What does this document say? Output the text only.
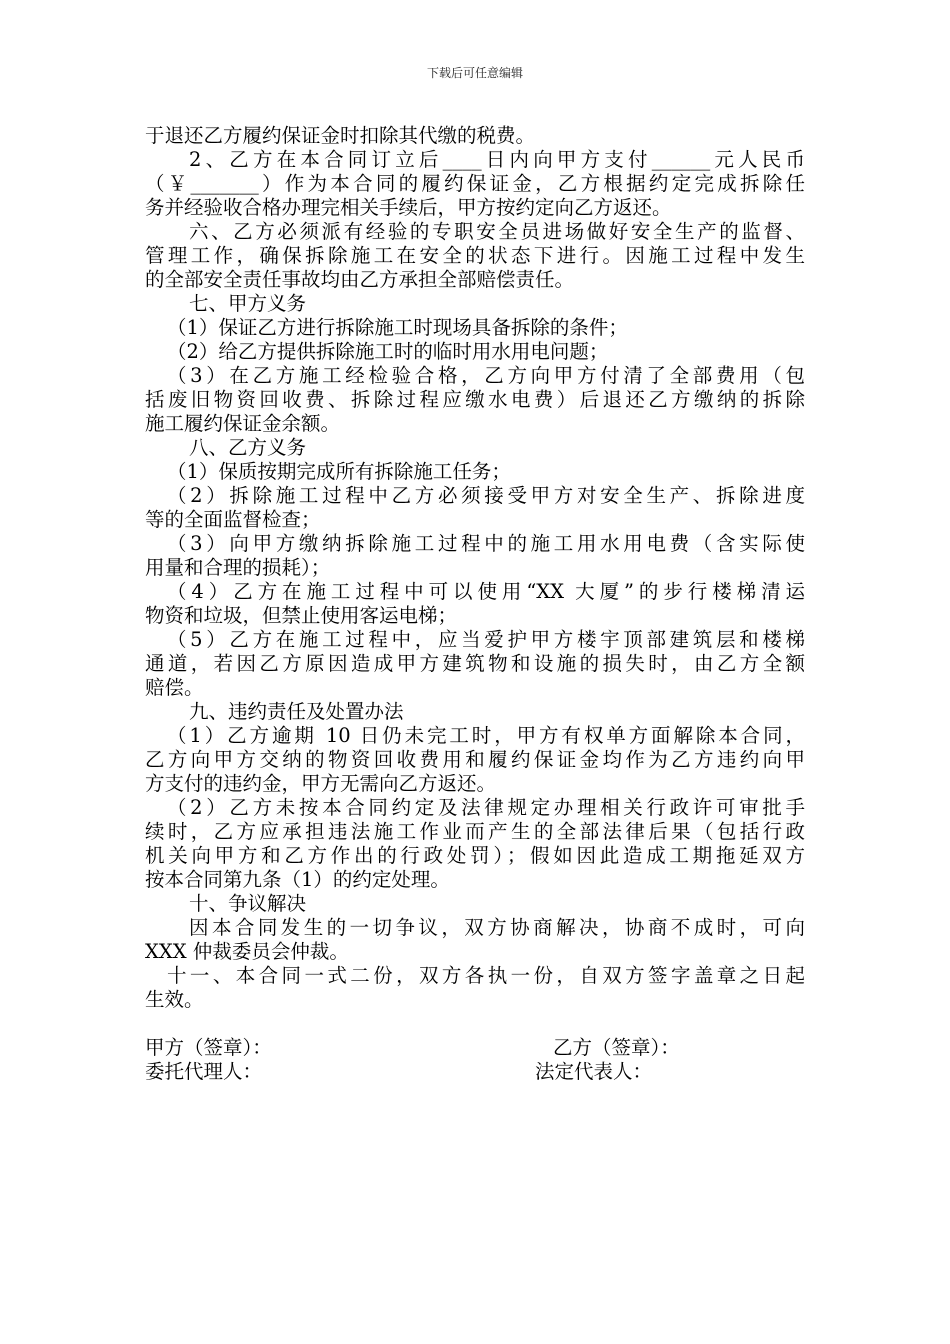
下载后可任意编辑
于退还乙方履约保证金时扣除其代缴的税费。
2、乙方在本合同订立后____日内向甲方支付______元人民币
（￥_______）作为本合同的履约保证金，乙方根据约定完成拆除任
务并经验收合格办理完相关手续后，甲方按约定向乙方返还。
六、乙方必须派有经验的专职安全员进场做好安全生产的监督、
管理工作，确保拆除施工在安全的状态下进行。因施工过程中发生
的全部安全责任事故均由乙方承担全部赔偿责任。
七、甲方义务
（1）保证乙方进行拆除施工时现场具备拆除的条件；
（2）给乙方提供拆除施工时的临时用水用电问题；
（3）在乙方施工经检验合格，乙方向甲方付清了全部费用（包
括废旧物资回收费、拆除过程应缴水电费）后退还乙方缴纳的拆除
施工履约保证金余额。
八、乙方义务
（1）保质按期完成所有拆除施工任务；
（2）拆除施工过程中乙方必须接受甲方对安全生产、拆除进度
等的全面监督检查；
（3）向甲方缴纳拆除施工过程中的施工用水用电费（含实际使
用量和合理的损耗）；
（4）乙方在施工过程中可以使用“XX 大厦”的步行楼梯清运
物资和垃圾，但禁止使用客运电梯；
（5）乙方在施工过程中，应当爱护甲方楼宇顶部建筑层和楼梯
通道，若因乙方原因造成甲方建筑物和设施的损失时，由乙方全额
赔偿。
九、违约责任及处置办法
（1）乙方逾期 10 日仍未完工时，甲方有权单方面解除本合同，
乙方向甲方交纳的物资回收费用和履约保证金均作为乙方违约向甲
方支付的违约金，甲方无需向乙方返还。
（2）乙方未按本合同约定及法律规定办理相关行政许可审批手
续时，乙方应承担违法施工作业而产生的全部法律后果（包括行政
机关向甲方和乙方作出的行政处罚）；假如因此造成工期拖延双方
按本合同第九条（1）的约定处理。
十、争议解决
因本合同发生的一切争议，双方协商解决，协商不成时，可向
XXX 仲裁委员会仲裁。
十一、本合同一式二份，双方各执一份，自双方签字盖章之日起
生效。
甲方（签章）：	乙方（签章）：
委托代理人：	法定代表人：
